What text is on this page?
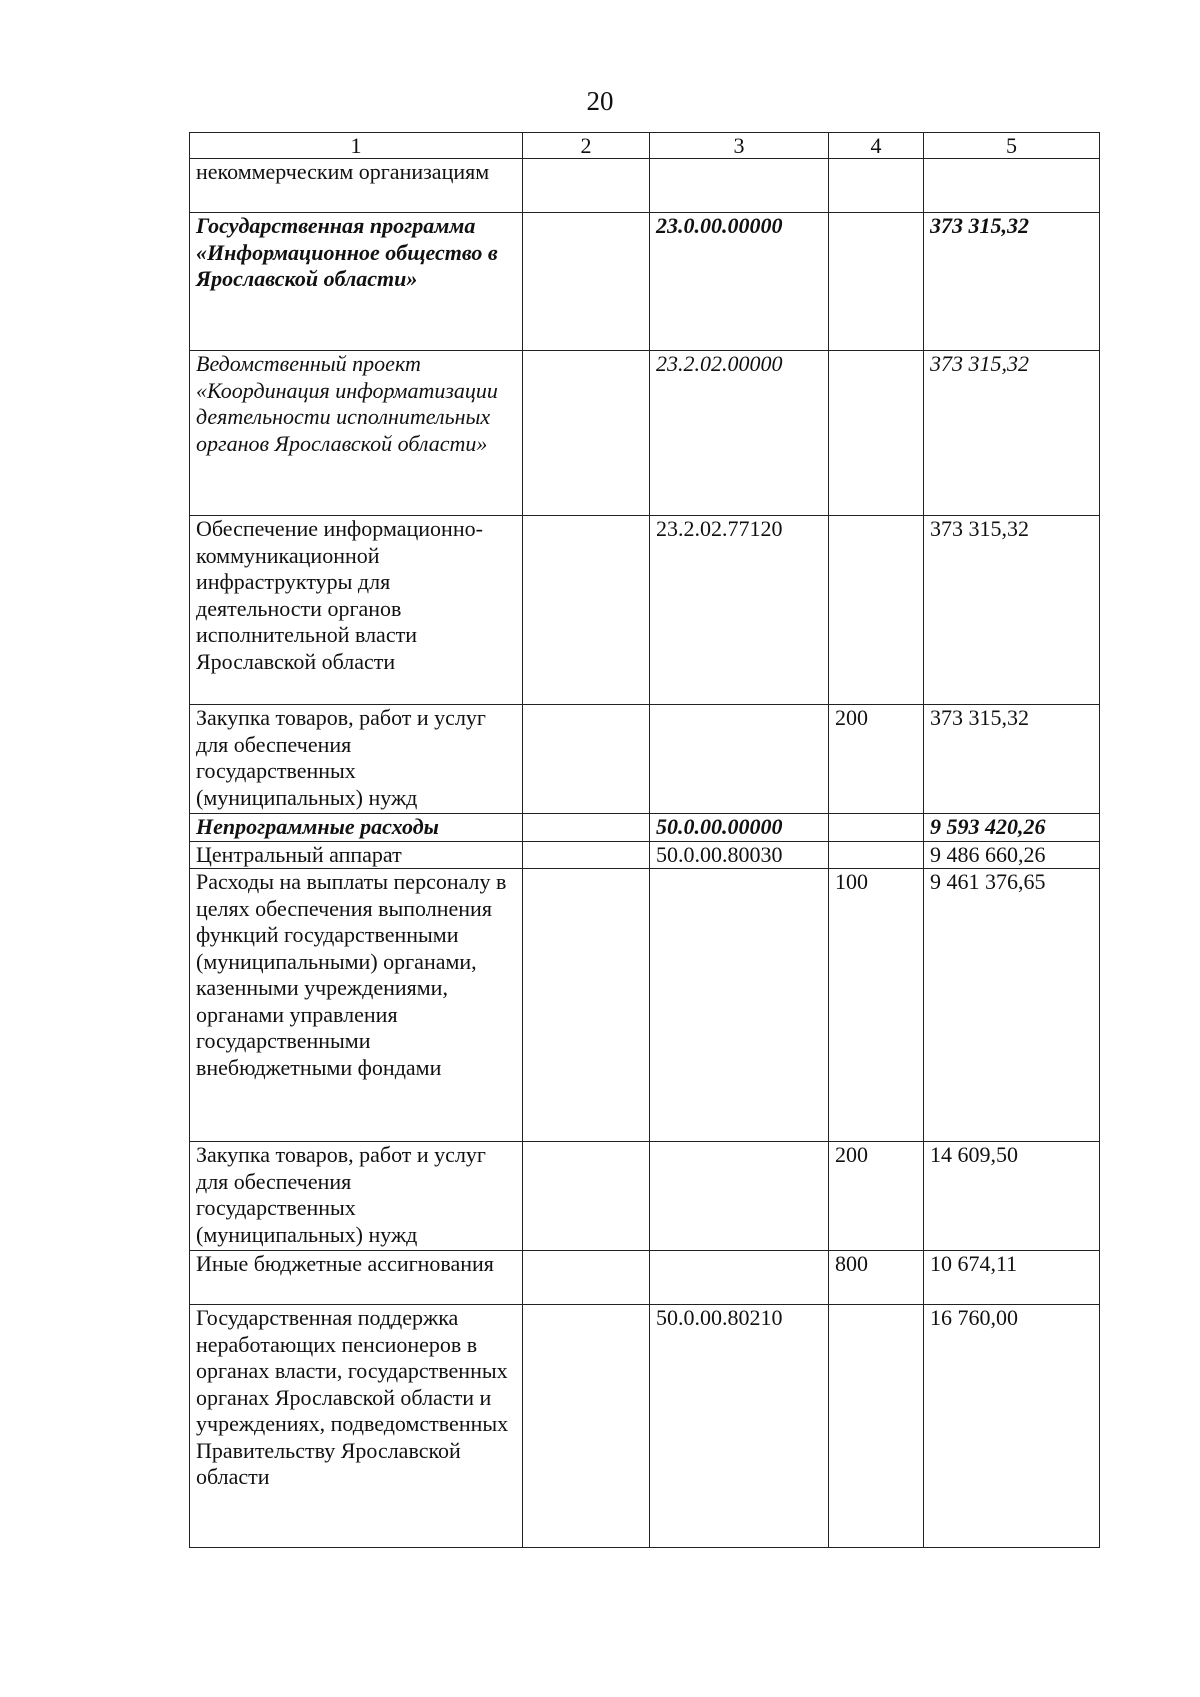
20
1	2	3	4	5
некоммерческим организациям				
Государственная программа «Информационное общество в Ярославской области»		23.0.00.00000		373 315,32
Ведомственный проект «Координация информатизации деятельности исполнительных органов Ярославской области»		23.2.02.00000		373 315,32
Обеспечение информационно-коммуникационной инфраструктуры для деятельности органов исполнительной власти Ярославской области		23.2.02.77120		373 315,32
Закупка товаров, работ и услуг для обеспечения государственных (муниципальных) нужд			200	373 315,32
Непрограммные расходы		50.0.00.00000		9 593 420,26
Центральный аппарат		50.0.00.80030		9 486 660,26
Расходы на выплаты персоналу в целях обеспечения выполнения функций государственными (муниципальными) органами, казенными учреждениями, органами управления государственными внебюджетными фондами			100	9 461 376,65
Закупка товаров, работ и услуг для обеспечения государственных (муниципальных) нужд			200	14 609,50
Иные бюджетные ассигнования			800	10 674,11
Государственная поддержка неработающих пенсионеров в органах власти, государственных органах Ярославской области и учреждениях, подведомственных Правительству Ярославской области		50.0.00.80210		16 760,00
